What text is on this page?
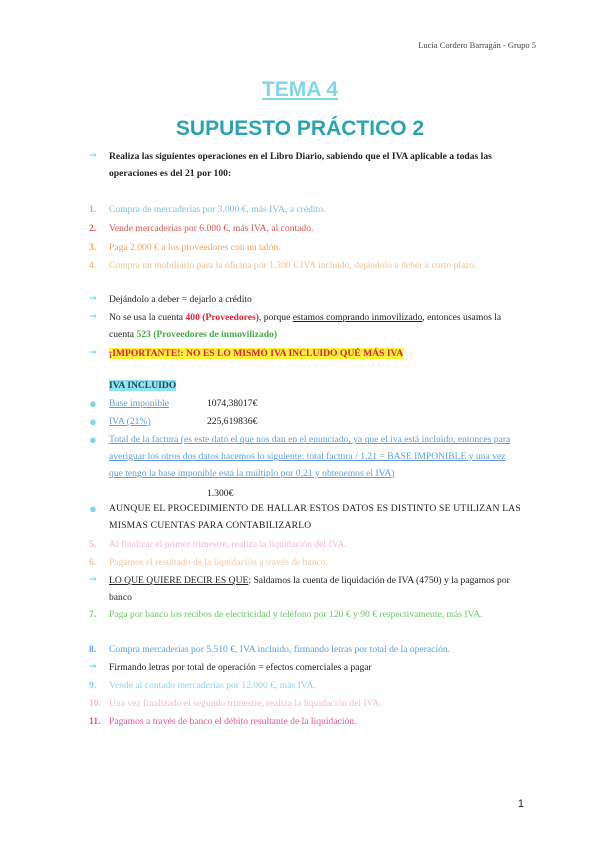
Lucía Cordero Barragán - Grupo 5
TEMA 4
SUPUESTO PRÁCTICO 2
→	Realiza las siguientes operaciones en el Libro Diario, sabiendo que el IVA aplicable a todas las operaciones es del 21 por 100:
1.	Compra de mercaderías por 3.000 €, más IVA, a crédito.
2.	Vende mercaderías por 6.000 €, más IVA, al contado.
3.	Paga 2.000 € a los proveedores con un talón.
4.	Compra un mobiliario para la oficina por 1.300 € IVA incluido, dejándolo a deber a corto plazo.
→	Dejándolo a deber = dejarlo a crédito
→	No se usa la cuenta 400 (Proveedores), porque estamos comprando inmovilizado, entonces usamos la cuenta 523 (Proveedores de inmovilizado)
→	¡IMPORTANTE!: NO ES LO MISMO IVA INCLUIDO QUÉ MÁS IVA
IVA INCLUIDO
●	Base imponible	1074,38017€
●	IVA (21%)	225,619836€
●	Total de la factura (es este dato el que nos dan en el enunciado, ya que el iva está incluido, entonces para averiguar los otros dos datos hacemos lo siguiente: total factura / 1,21 = BASE IMPONIBLE y una vez que tengo la base imponible está la múltiplo por 0,21 y obtenemos el IVA)
1.300€
●	AUNQUE EL PROCEDIMIENTO DE HALLAR ESTOS DATOS ES DISTINTO SE UTILIZAN LAS MISMAS CUENTAS PARA CONTABILIZARLO
5.	Al finalizar el primer trimestre, realiza la liquidación del IVA.
6.	Pagamos el resultado de la liquidación a través de banco.
→	LO QUE QUIERE DECIR ES QUE: Saldamos la cuenta de liquidación de IVA (4750) y la pagamos por banco
7.	Paga por banco los recibos de electricidad y teléfono por 120 € y 90 € respectivamente, más IVA.
8.	Compra mercaderías por 5.510 €, IVA incluido, firmando letras por total de la operación.
→	Firmando letras por total de operación = efectos comerciales a pagar
9.	Vende al contado mercaderías por 12.000 €, más IVA.
10. Una vez finalizado el segundo trimestre, realiza la liquidación del IVA.
11. Pagamos a través de banco el débito resultante de la liquidación.
1
